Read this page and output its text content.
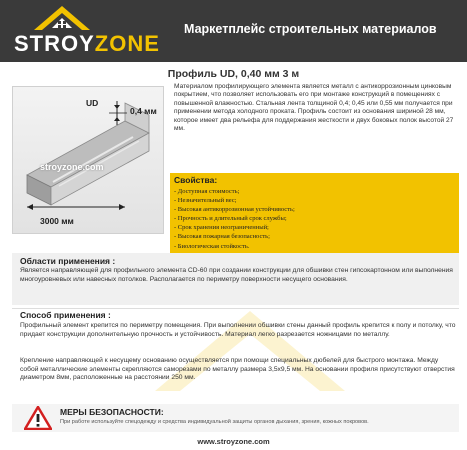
STROYZONE
Маркетплейс строительных материалов
Профиль UD, 0,40 мм 3 м
UD
0,4 мм
stroyzone.com
3000 мм
Материалом профилирующего элемента является металл с антикоррозионным цинковым покрытием, что позволяет использовать его при монтаже конструкций в помещениях с повышенной влажностью. Стальная лента толщиной 0,4; 0,45 или 0,55 мм получается при применении метода холодного проката. Профиль состоит из основания шириной 28 мм, которое имеет два рельефа для поддержания жесткости и двух боковых полок высотой 27 мм.
Свойства:
- Доступная стоимость;
- Незначительный вес;
- Высокая антикоррозионная устойчивость;
- Прочность и длительный срок службы;
- Срок хранения неограниченный;
- Высокая пожарная безопасность;
- Биологическая стойкость.
Области применения :
Является направляющей для профильного элемента CD-60 при создании конструкции для обшивки стен гипсокартонном или выполнения многоуровневых или навесных потолков. Располагается по периметру поверхности несущего основания.
Способ применения :
Профильный элемент крепится по периметру помещения. При выполнении обшивки стены данный профиль крепится к полу и потолку, что придает конструкции дополнительную прочность и устойчивость. Материал легко разрезается ножницами по металлу.
Крепление направляющей к несущему основанию осуществляется при помощи специальных дюбелей для быстрого монтажа. Между собой металлические элементы скрепляются саморезами по металлу размера 3,5х9,5 мм. На основании профиля присутствуют отверстия диаметром 8мм, расположенные на расстоянии 250 мм.
МЕРЫ БЕЗОПАСНОСТИ:
При работе используйте спецодежду и средства индивидуальной защиты органов дыхания, зрения, кожных покровов.
www.stroyzone.com
